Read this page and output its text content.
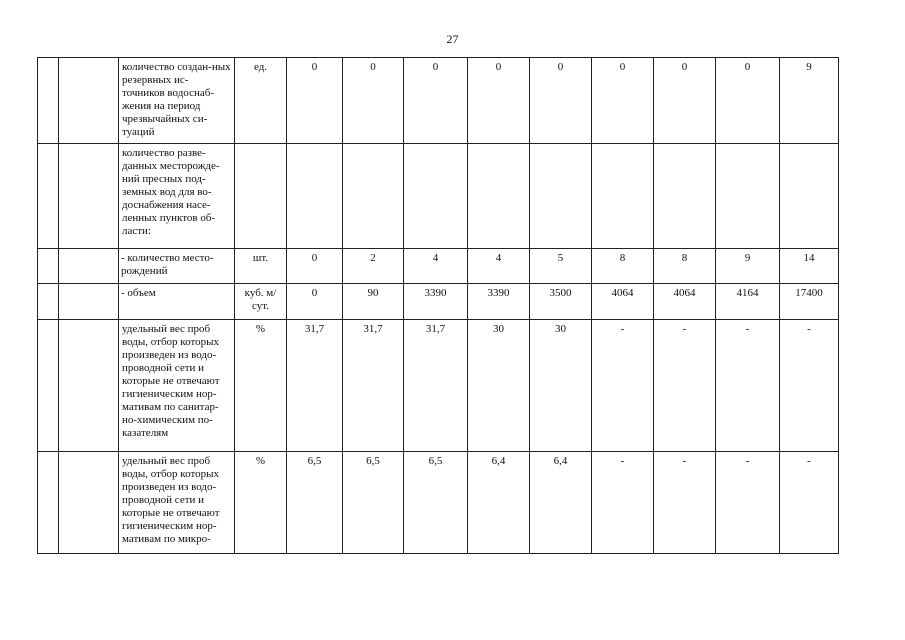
27
		количество создан-ных резервных ис-точников водоснаб-жения на период чрезвычайных си-туаций	ед.	0	0	0	0	0	0	0	0	9
		количество разве-данных месторожде-ний пресных под-земных вод для во-доснабжения насе-ленных пунктов об-ласти:										
		- количество место-рождений	шт.	0	2	4	4	5	8	8	9	14
		- объем	куб. м/сут.	0	90	3390	3390	3500	4064	4064	4164	17400
		удельный вес проб воды, отбор которых произведен из водо-проводной сети и которые не отвечают гигиеническим нор-мативам по санитар-но-химическим по-казателям	%	31,7	31,7	31,7	30	30	-	-	-	-
		удельный вес проб воды, отбор которых произведен из водо-проводной сети и которые не отвечают гигиеническим нор-мативам по микро-	%	6,5	6,5	6,5	6,4	6,4	-	-	-	-
